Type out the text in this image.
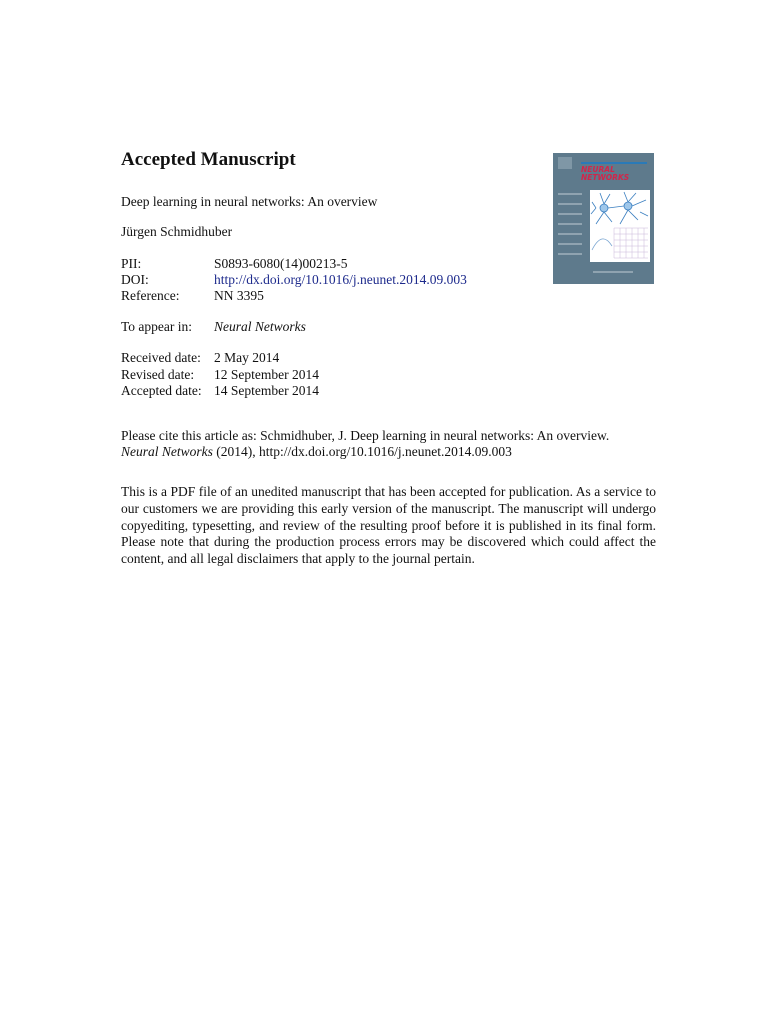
Accepted Manuscript

Deep learning in neural networks: An overview

Jürgen Schmidhuber

PII:	S0893-6080(14)00213-5
DOI:	http://dx.doi.org/10.1016/j.neunet.2014.09.003
Reference:	NN 3395
To appear in: Neural Networks
Received date: 2 May 2014
Revised date: 12 September 2014
Accepted date: 14 September 2014

Please cite this article as: Schmidhuber, J. Deep learning in neural networks: An overview.

Neural Networks (2014), http://dx.doi.org/10.1016/j.neunet.2014.09.003

This is a PDF file of an unedited manuscript that has been accepted for publication. As a service to our customers we are providing this early version of the manuscript. The manuscript will undergo copyediting, typesetting, and review of the resulting proof before it is published in its final form. Please note that during the production process errors may be discovered which could affect the content, and all legal disclaimers that apply to the journal pertain.

NEURAL NETWORKS
